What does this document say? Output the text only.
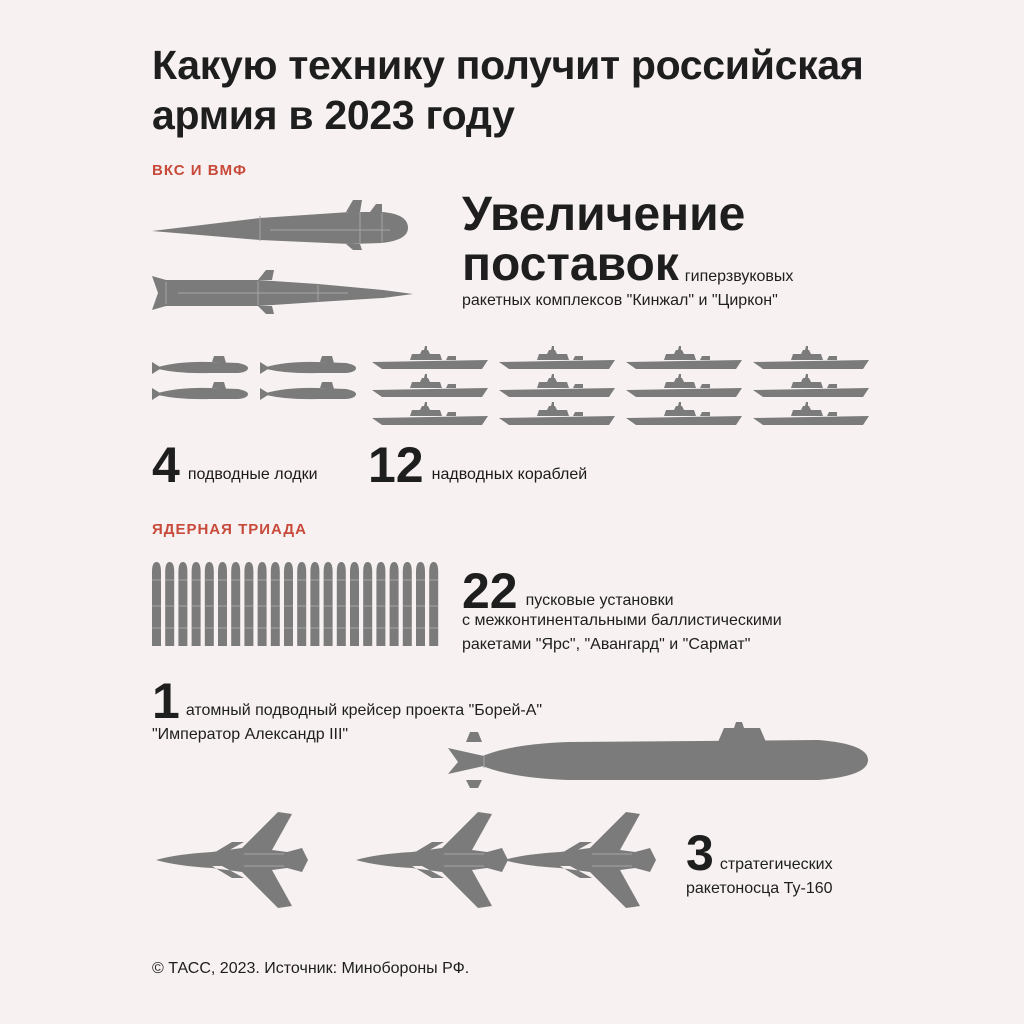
Какую технику получит российская армия в 2023 году
ВКС И ВМФ
Увеличение
поставок гиперзвуковых
ракетных комплексов "Кинжал" и "Циркон"
4 подводные лодки 12 надводных кораблей
ЯДЕРНАЯ ТРИАДА
22 пусковые установки
с межконтинентальными баллистическими
ракетами "Ярс", "Авангард" и "Сармат"
1 атомный подводный крейсер проекта "Борей-А"
"Император Александр III"
3 стратегических
ракетоносца Ту-160
© ТАСС, 2023. Источник: Минобороны РФ.
